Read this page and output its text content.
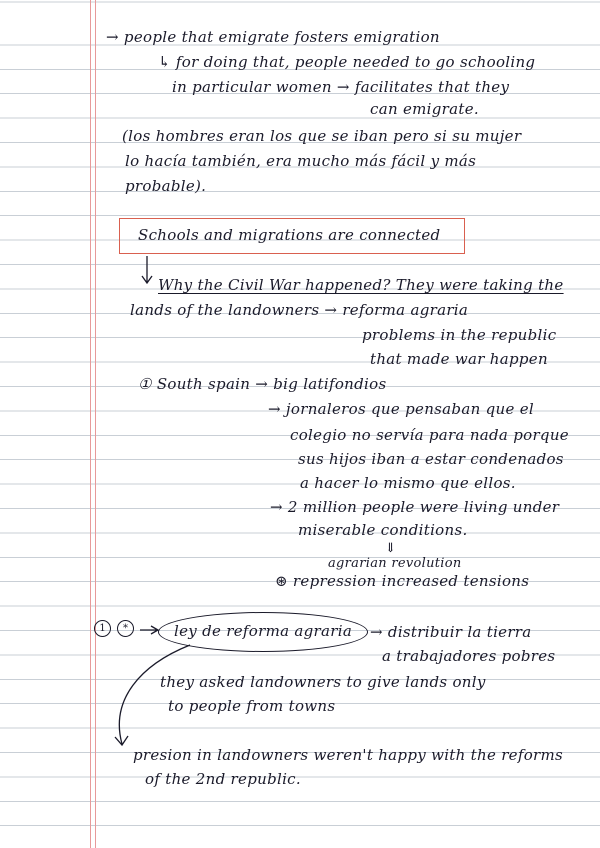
→ people that emigrate fosters emigration
↳ for doing that, people needed to go schooling
in particular women → facilitates that they
can emigrate.
(los hombres eran los que se iban pero si su mujer
lo hacía también, era mucho más fácil y más
probable).
Schools and migrations are connected
Why the Civil War happened? They were taking the
lands of the landowners → reforma agraria
problems in the republic
that made war happen
① South spain → big latifondios
→ jornaleros que pensaban que el
colegio no servía para nada porque
sus hijos iban a estar condenados
a hacer lo mismo que ellos.
→ 2 million people were living under
miserable conditions.
⇓
agrarian revolution
⊛ repression increased tensions
1	*	ley de reforma agraria → distribuir la tierra
a trabajadores pobres
they asked landowners to give lands only
to people from towns
presion in landowners weren't happy with the reforms
of the 2nd republic.
